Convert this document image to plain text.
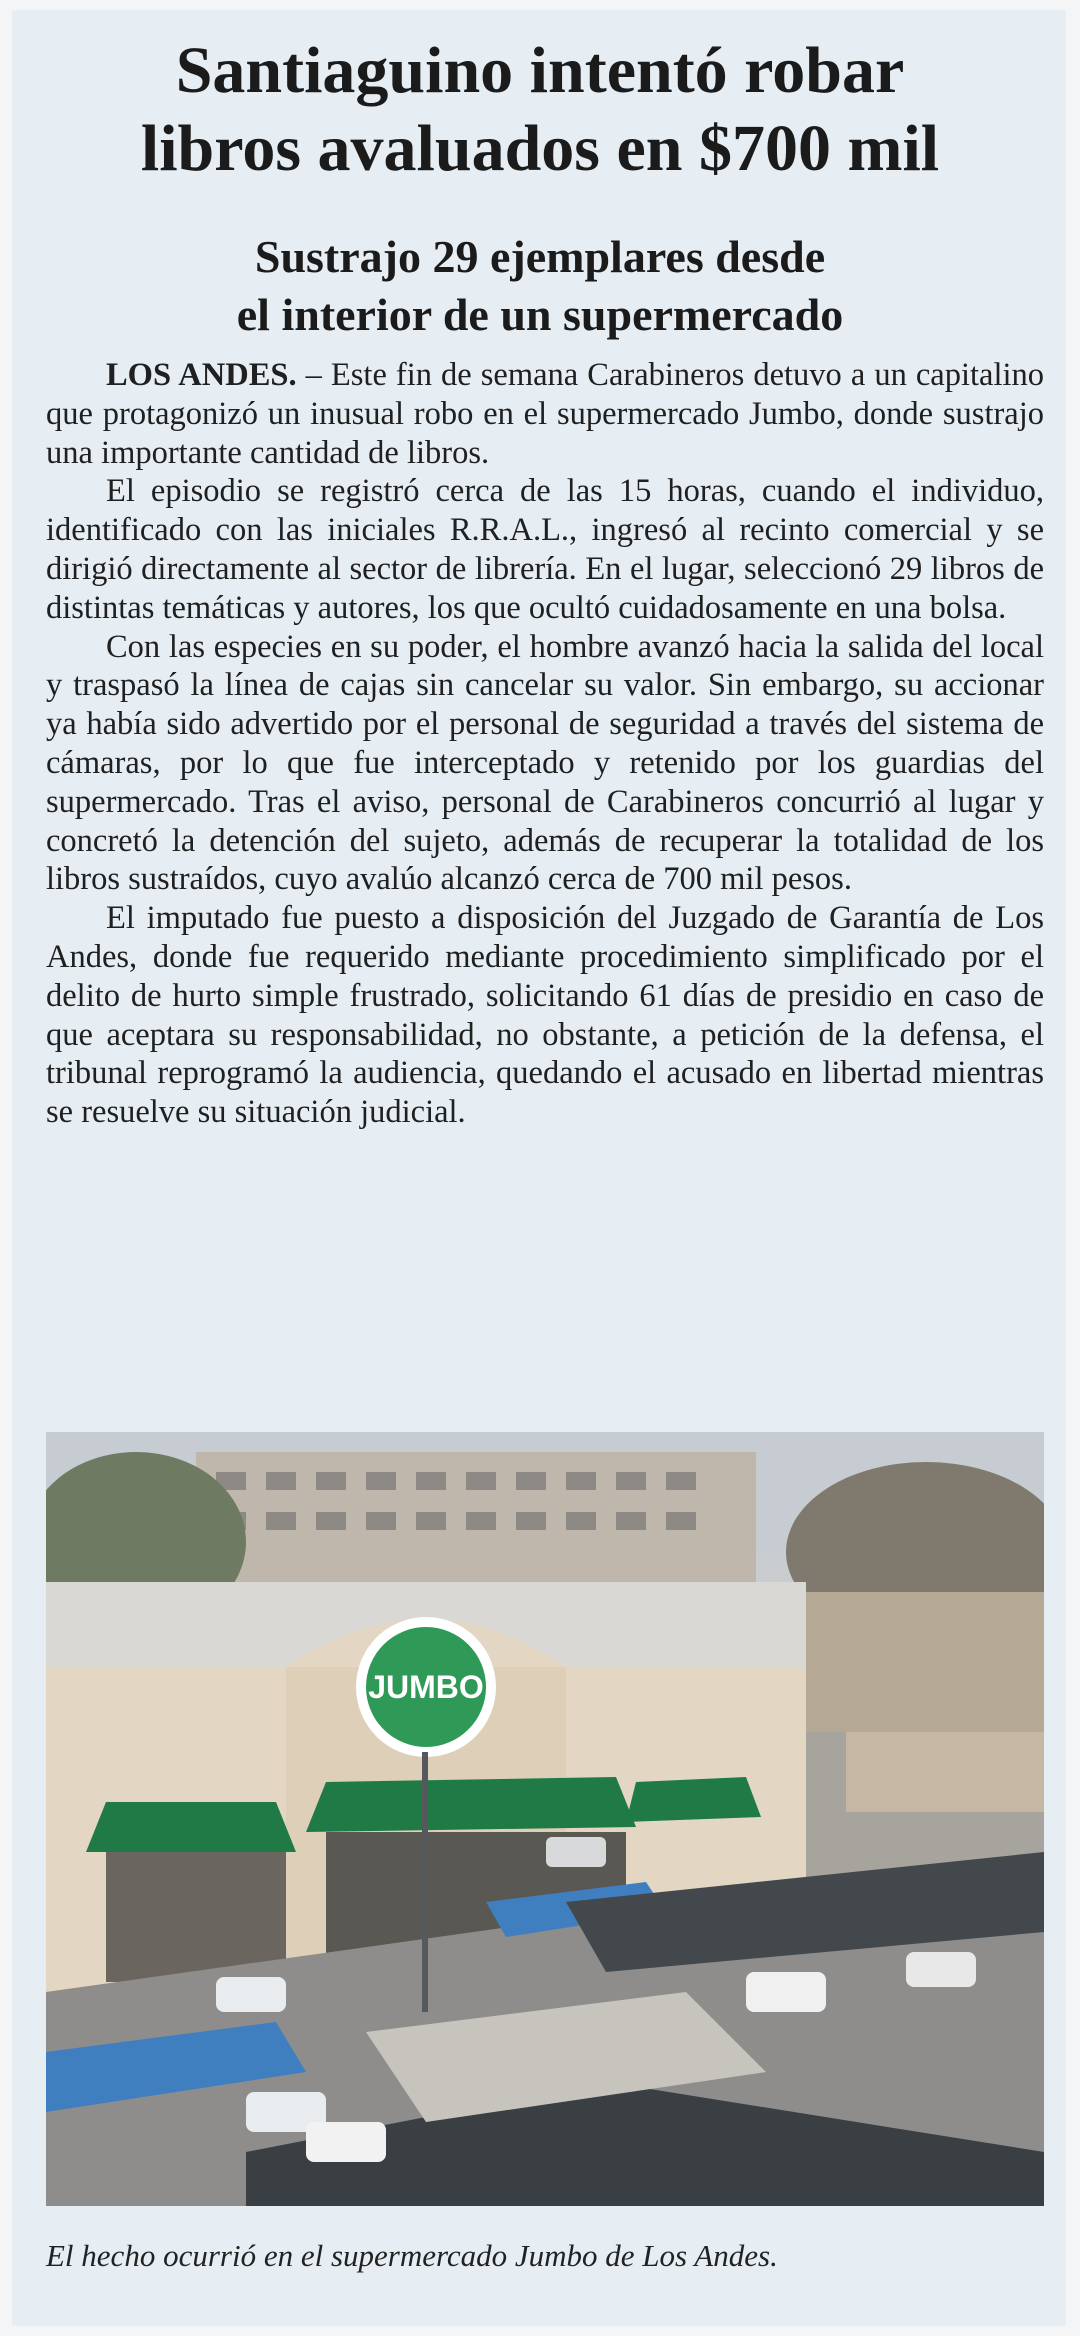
Santiaguino intentó robar
libros avaluados en $700 mil
Sustrajo 29 ejemplares desde
el interior de un supermercado

LOS ANDES. – Este fin de semana Carabineros detuvo a un capitalino que protagonizó un inusual robo en el supermercado Jumbo, donde sustrajo una importante cantidad de libros.

El episodio se registró cerca de las 15 horas, cuando el individuo, identificado con las iniciales R.R.A.L., ingresó al recinto comercial y se dirigió directamente al sector de librería. En el lugar, seleccionó 29 libros de distintas temáticas y autores, los que ocultó cuidadosamente en una bolsa.

Con las especies en su poder, el hombre avanzó hacia la salida del local y traspasó la línea de cajas sin cancelar su valor. Sin embargo, su accionar ya había sido advertido por el personal de seguridad a través del sistema de cámaras, por lo que fue interceptado y retenido por los guardias del supermercado. Tras el aviso, personal de Carabineros concurrió al lugar y concretó la detención del sujeto, además de recuperar la totalidad de los libros sustraídos, cuyo avalúo alcanzó cerca de 700 mil pesos.

El imputado fue puesto a disposición del Juzgado de Garantía de Los Andes, donde fue requerido mediante procedimiento simplificado por el delito de hurto simple frustrado, solicitando 61 días de presidio en caso de que aceptara su responsabilidad, no obstante, a petición de la defensa, el tribunal reprogramó la audiencia, quedando el acusado en libertad mientras se resuelve su situación judicial.

JUMBO

El hecho ocurrió en el supermercado Jumbo de Los Andes.
